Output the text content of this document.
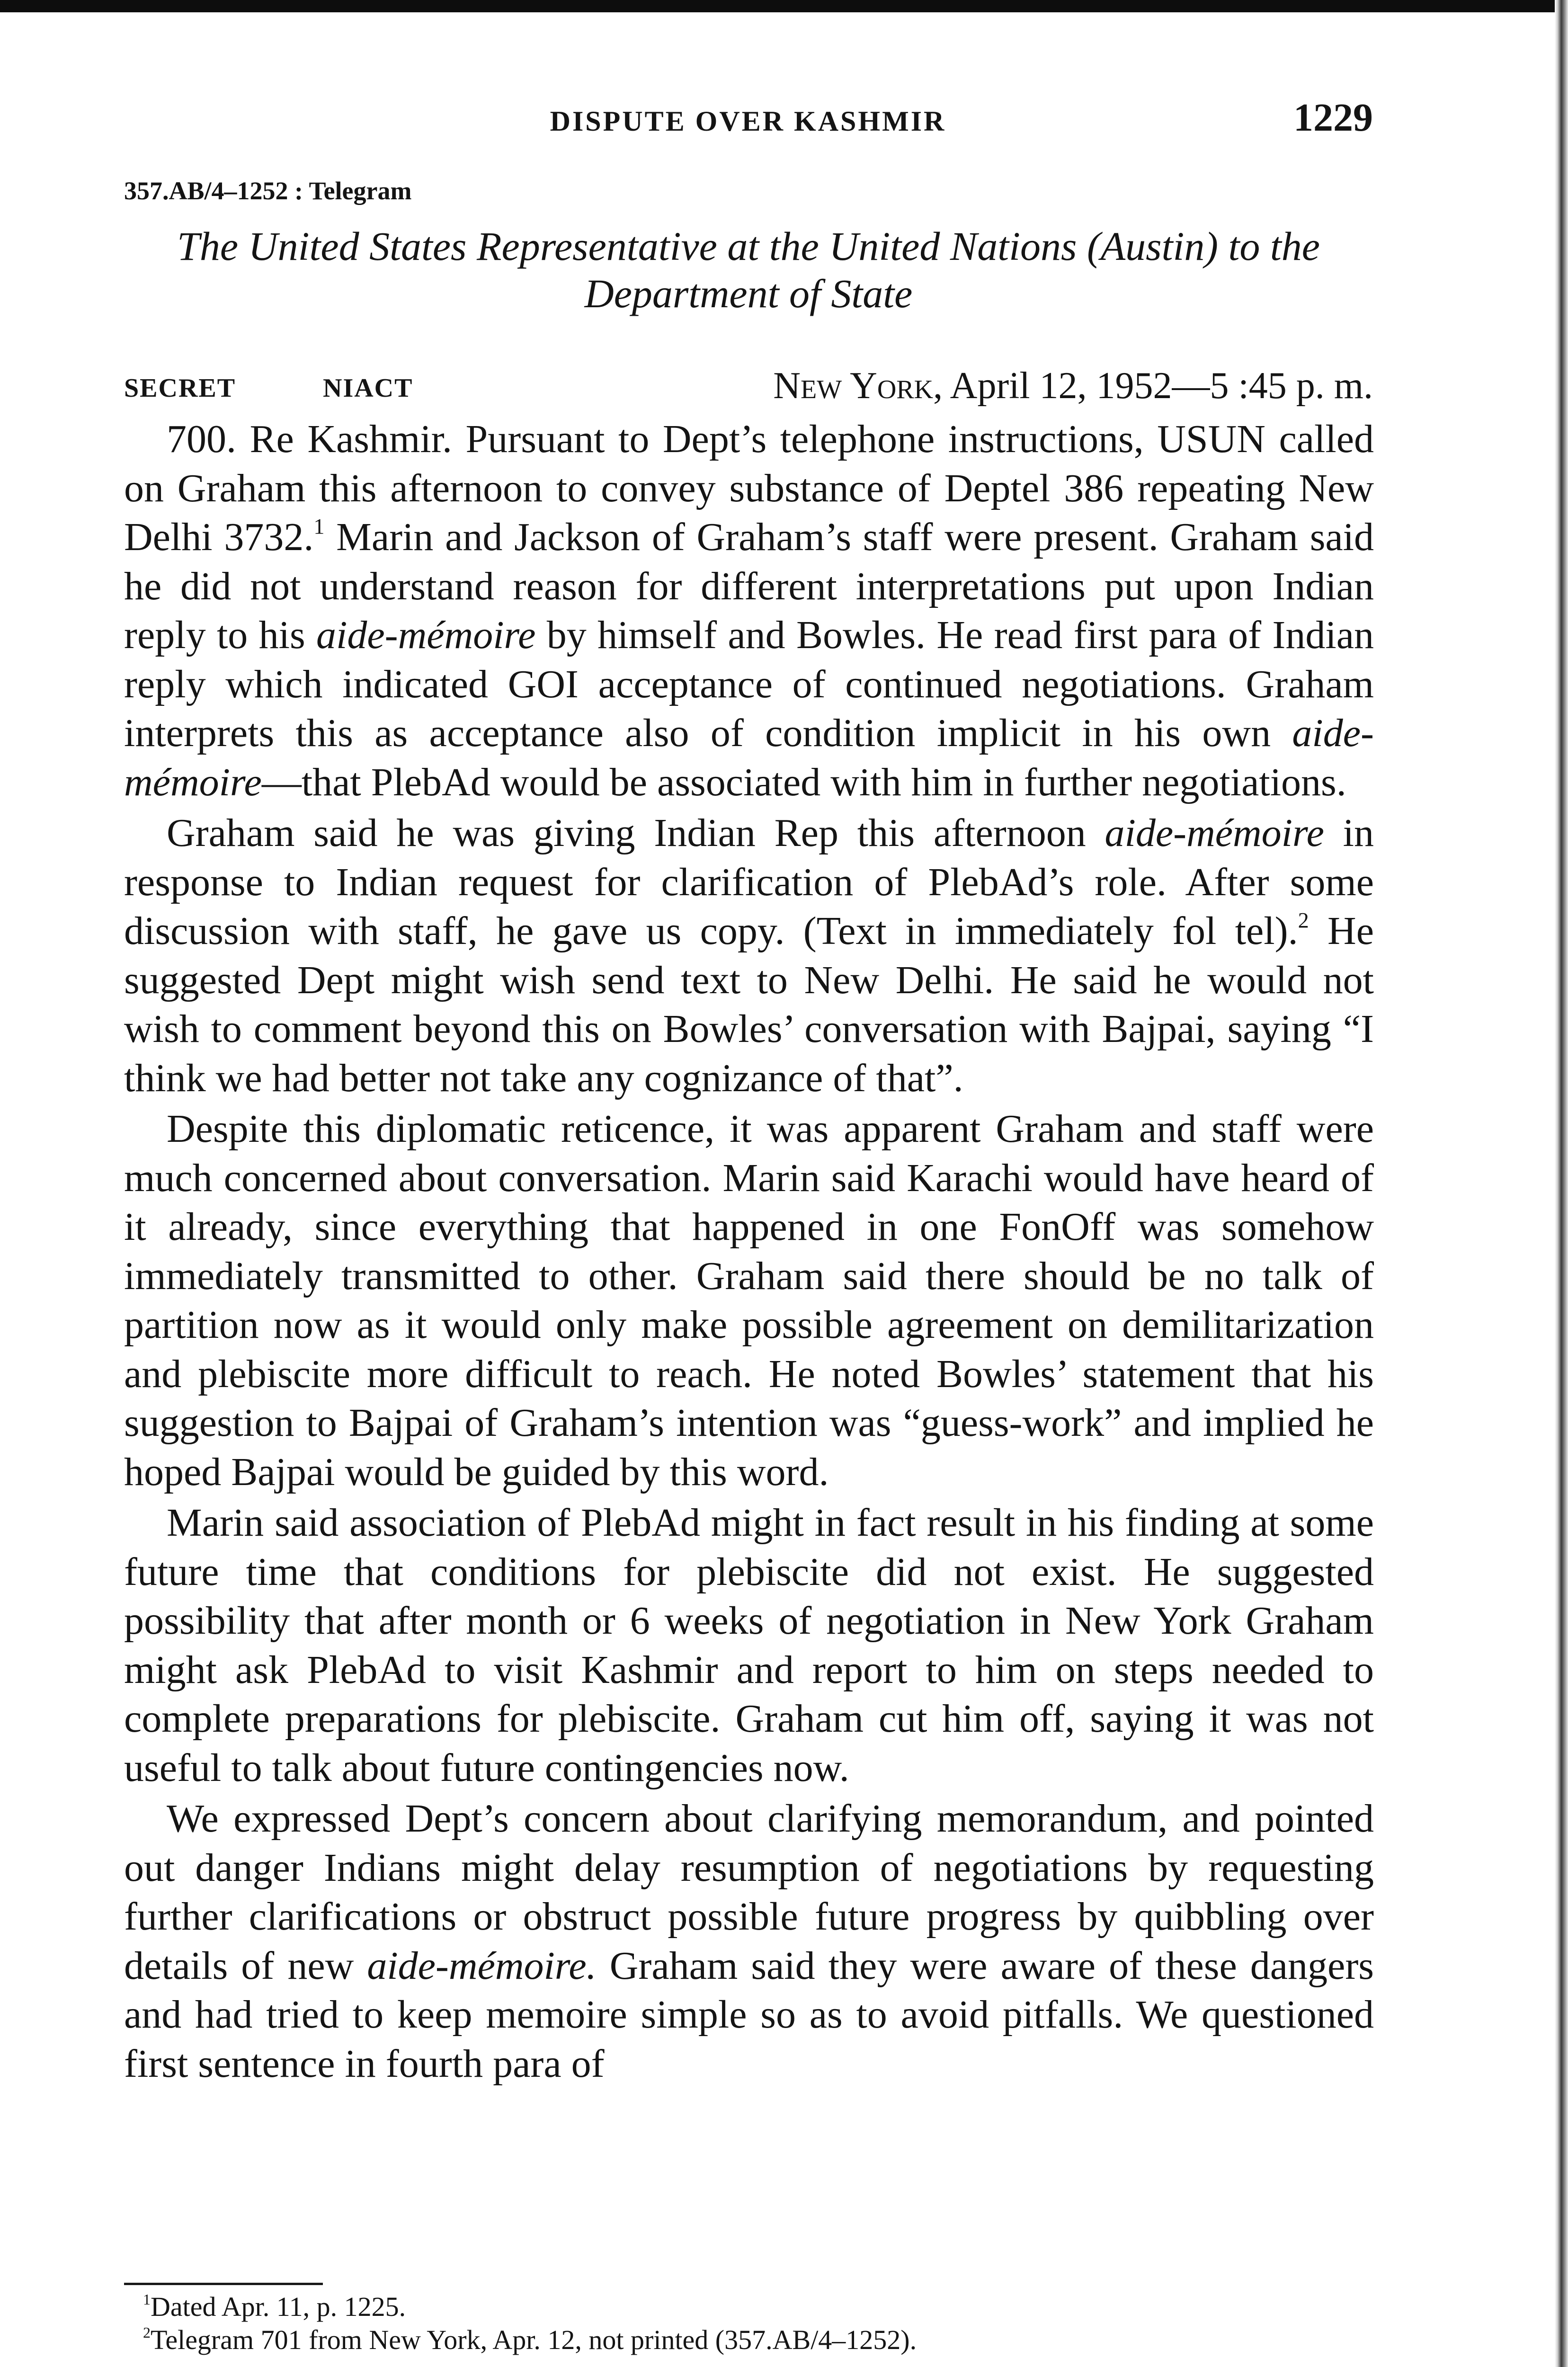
DISPUTE OVER KASHMIR	1229
357.AB/4–1252 : Telegram
The United States Representative at the United Nations (Austin) to the Department of State
SECRET	NIACT	New York, April 12, 1952—5 :45 p. m.

700. Re Kashmir. Pursuant to Dept’s telephone instructions, USUN called on Graham this afternoon to convey substance of Deptel 386 repeating New Delhi 3732.$^1$ Marin and Jackson of Graham’s staff were present. Graham said he did not understand reason for different interpretations put upon Indian reply to his aide-mémoire by himself and Bowles. He read first para of Indian reply which indicated GOI acceptance of continued negotiations. Graham interprets this as acceptance also of condition implicit in his own aide-mémoire—that PlebAd would be associated with him in further negotiations.

Graham said he was giving Indian Rep this afternoon aide-mémoire in response to Indian request for clarification of PlebAd’s role. After some discussion with staff, he gave us copy. (Text in immediately fol tel).$^2$ He suggested Dept might wish send text to New Delhi. He said he would not wish to comment beyond this on Bowles’ conversation with Bajpai, saying “I think we had better not take any cognizance of that”.

Despite this diplomatic reticence, it was apparent Graham and staff were much concerned about conversation. Marin said Karachi would have heard of it already, since everything that happened in one FonOff was somehow immediately transmitted to other. Graham said there should be no talk of partition now as it would only make possible agreement on demilitarization and plebiscite more difficult to reach. He noted Bowles’ statement that his suggestion to Bajpai of Graham’s intention was “guess-work” and implied he hoped Bajpai would be guided by this word.

Marin said association of PlebAd might in fact result in his finding at some future time that conditions for plebiscite did not exist. He suggested possibility that after month or 6 weeks of negotiation in New York Graham might ask PlebAd to visit Kashmir and report to him on steps needed to complete preparations for plebiscite. Graham cut him off, saying it was not useful to talk about future contingencies now.

We expressed Dept’s concern about clarifying memorandum, and pointed out danger Indians might delay resumption of negotiations by requesting further clarifications or obstruct possible future progress by quibbling over details of new aide-mémoire. Graham said they were aware of these dangers and had tried to keep memoire simple so as to avoid pitfalls. We questioned first sentence in fourth para of

$^1$Dated Apr. 11, p. 1225.
$^2$Telegram 701 from New York, Apr. 12, not printed (357.AB/4–1252).
